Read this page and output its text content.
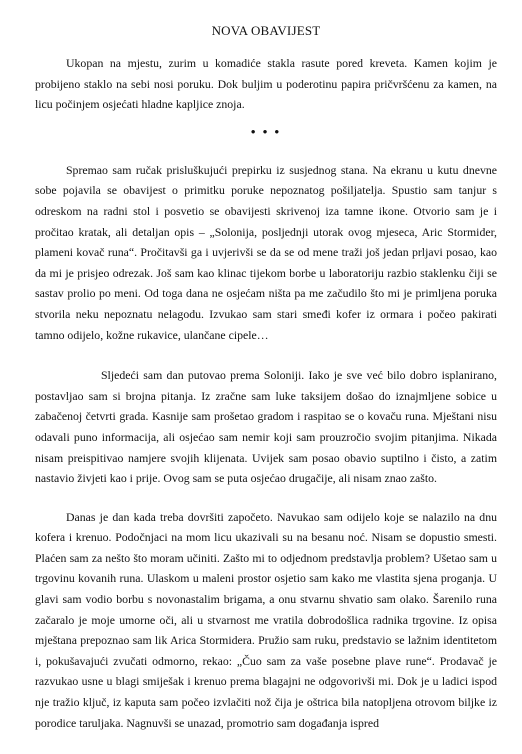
NOVA OBAVIJEST

Ukopan na mjestu, zurim u komadiće stakla rasute pored kreveta. Kamen kojim je probijeno staklo na sebi nosi poruku. Dok buljim u poderotinu papira pričvršćenu za kamen, na licu počinjem osjećati hladne kapljice znoja.

• • •

Spremao sam ručak prisluškujući prepirku iz susjednog stana. Na ekranu u kutu dnevne sobe pojavila se obavijest o primitku poruke nepoznatog pošiljatelja. Spustio sam tanjur s odreskom na radni stol i posvetio se obavijesti skrivenoj iza tamne ikone. Otvorio sam je i pročitao kratak, ali detaljan opis – „Solonija, posljednji utorak ovog mjeseca, Aric Stormider, plameni kovač runa“. Pročitavši ga i uvjerivši se da se od mene traži još jedan prljavi posao, kao da mi je prisjeo odrezak. Još sam kao klinac tijekom borbe u laboratoriju razbio staklenku čiji se sastav prolio po meni. Od toga dana ne osjećam ništa pa me začudilo što mi je primljena poruka stvorila neku nepoznatu nelagodu. Izvukao sam stari smeđi kofer iz ormara i počeo pakirati tamno odijelo, kožne rukavice, ulančane cipele…

Sljedeći sam dan putovao prema Soloniji. Iako je sve već bilo dobro isplanirano, postavljao sam si brojna pitanja. Iz zračne sam luke taksijem došao do iznajmljene sobice u zabačenoj četvrti grada. Kasnije sam prošetao gradom i raspitao se o kovaču runa. Mještani nisu odavali puno informacija, ali osjećao sam nemir koji sam prouzročio svojim pitanjima. Nikada nisam preispitivao namjere svojih klijenata. Uvijek sam posao obavio suptilno i čisto, a zatim nastavio živjeti kao i prije. Ovog sam se puta osjećao drugačije, ali nisam znao zašto.

Danas je dan kada treba dovršiti započeto. Navukao sam odijelo koje se nalazilo na dnu kofera i krenuo. Podočnjaci na mom licu ukazivali su na besanu noć. Nisam se dopustio smesti. Plaćen sam za nešto što moram učiniti. Zašto mi to odjednom predstavlja problem? Ušetao sam u trgovinu kovanih runa. Ulaskom u maleni prostor osjetio sam kako me vlastita sjena proganja. U glavi sam vodio borbu s novonastalim brigama, a onu stvarnu shvatio sam olako. Šarenilo runa začaralo je moje umorne oči, ali u stvarnost me vratila dobrodošlica radnika trgovine. Iz opisa mještana prepoznao sam lik Arica Stormidera. Pružio sam ruku, predstavio se lažnim identitetom i, pokušavajući zvučati odmorno, rekao: „Čuo sam za vaše posebne plave rune“. Prodavač je razvukao usne u blagi smiješak i krenuo prema blagajni ne odgovorivši mi. Dok je u ladici ispod nje tražio ključ, iz kaputa sam počeo izvlačiti nož čija je oštrica bila natopljena otrovom biljke iz porodice taruljaka. Nagnuvši se unazad, promotrio sam događanja ispred
